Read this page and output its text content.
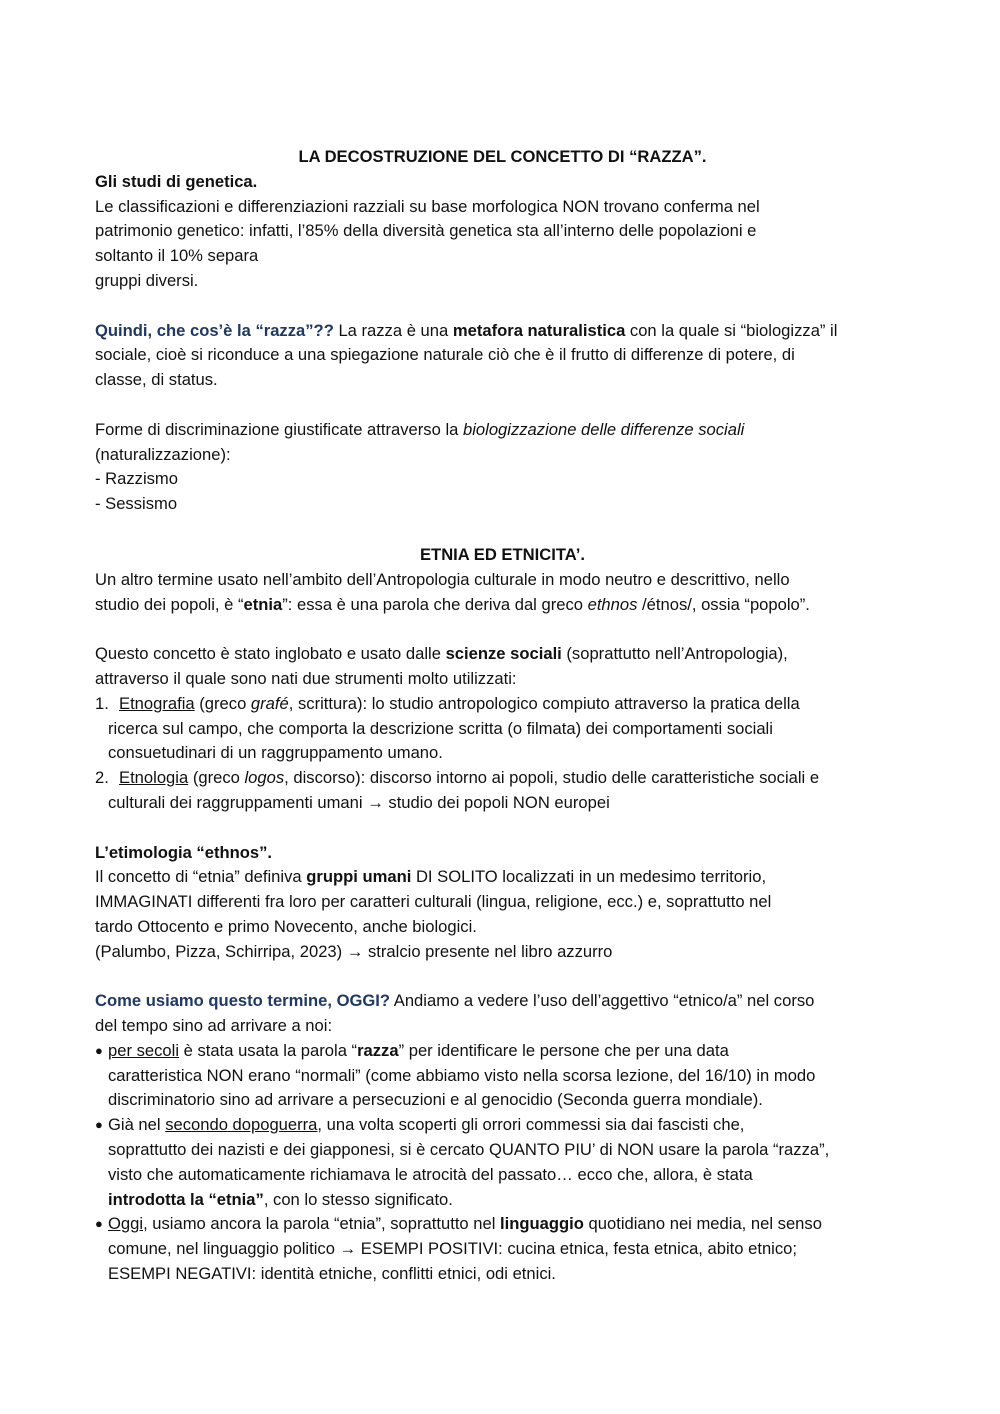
LA DECOSTRUZIONE DEL CONCETTO DI “RAZZA”.

Gli studi di genetica.

Le classificazioni e differenziazioni razziali su base morfologica NON trovano conferma nel

patrimonio genetico: infatti, l’85% della diversità genetica sta all’interno delle popolazioni e

soltanto il 10% separa

gruppi diversi.

Quindi, che cos’è la “razza”?? La razza è una metafora naturalistica con la quale si “biologizza” il

sociale, cioè si riconduce a una spiegazione naturale ciò che è il frutto di differenze di potere, di

classe, di status.

Forme di discriminazione giustificate attraverso la biologizzazione delle differenze sociali

(naturalizzazione):

- Razzismo

- Sessismo

ETNIA ED ETNICITA’.

Un altro termine usato nell’ambito dell’Antropologia culturale in modo neutro e descrittivo, nello

studio dei popoli, è “etnia”: essa è una parola che deriva dal greco ethnos /étnos/, ossia “popolo”.

Questo concetto è stato inglobato e usato dalle scienze sociali (soprattutto nell’Antropologia),

attraverso il quale sono nati due strumenti molto utilizzati:

1. Etnografia (greco grafé, scrittura): lo studio antropologico compiuto attraverso la pratica della

ricerca sul campo, che comporta la descrizione scritta (o filmata) dei comportamenti sociali

consuetudinari di un raggruppamento umano.

2. Etnologia (greco logos, discorso): discorso intorno ai popoli, studio delle caratteristiche sociali e

culturali dei raggruppamenti umani → studio dei popoli NON europei

L’etimologia “ethnos”.

Il concetto di “etnia” definiva gruppi umani DI SOLITO localizzati in un medesimo territorio,

IMMAGINATI differenti fra loro per caratteri culturali (lingua, religione, ecc.) e, soprattutto nel

tardo Ottocento e primo Novecento, anche biologici.

(Palumbo, Pizza, Schirripa, 2023) → stralcio presente nel libro azzurro

Come usiamo questo termine, OGGI? Andiamo a vedere l’uso dell’aggettivo “etnico/a” nel corso

del tempo sino ad arrivare a noi:

● per secoli è stata usata la parola “razza” per identificare le persone che per una data

caratteristica NON erano “normali” (come abbiamo visto nella scorsa lezione, del 16/10) in modo

discriminatorio sino ad arrivare a persecuzioni e al genocidio (Seconda guerra mondiale).

● Già nel secondo dopoguerra, una volta scoperti gli orrori commessi sia dai fascisti che,

soprattutto dei nazisti e dei giapponesi, si è cercato QUANTO PIU’ di NON usare la parola “razza”,

visto che automaticamente richiamava le atrocità del passato… ecco che, allora, è stata

introdotta la “etnia”, con lo stesso significato.

● Oggi, usiamo ancora la parola “etnia”, soprattutto nel linguaggio quotidiano nei media, nel senso

comune, nel linguaggio politico → ESEMPI POSITIVI: cucina etnica, festa etnica, abito etnico;

ESEMPI NEGATIVI: identità etniche, conflitti etnici, odi etnici.
